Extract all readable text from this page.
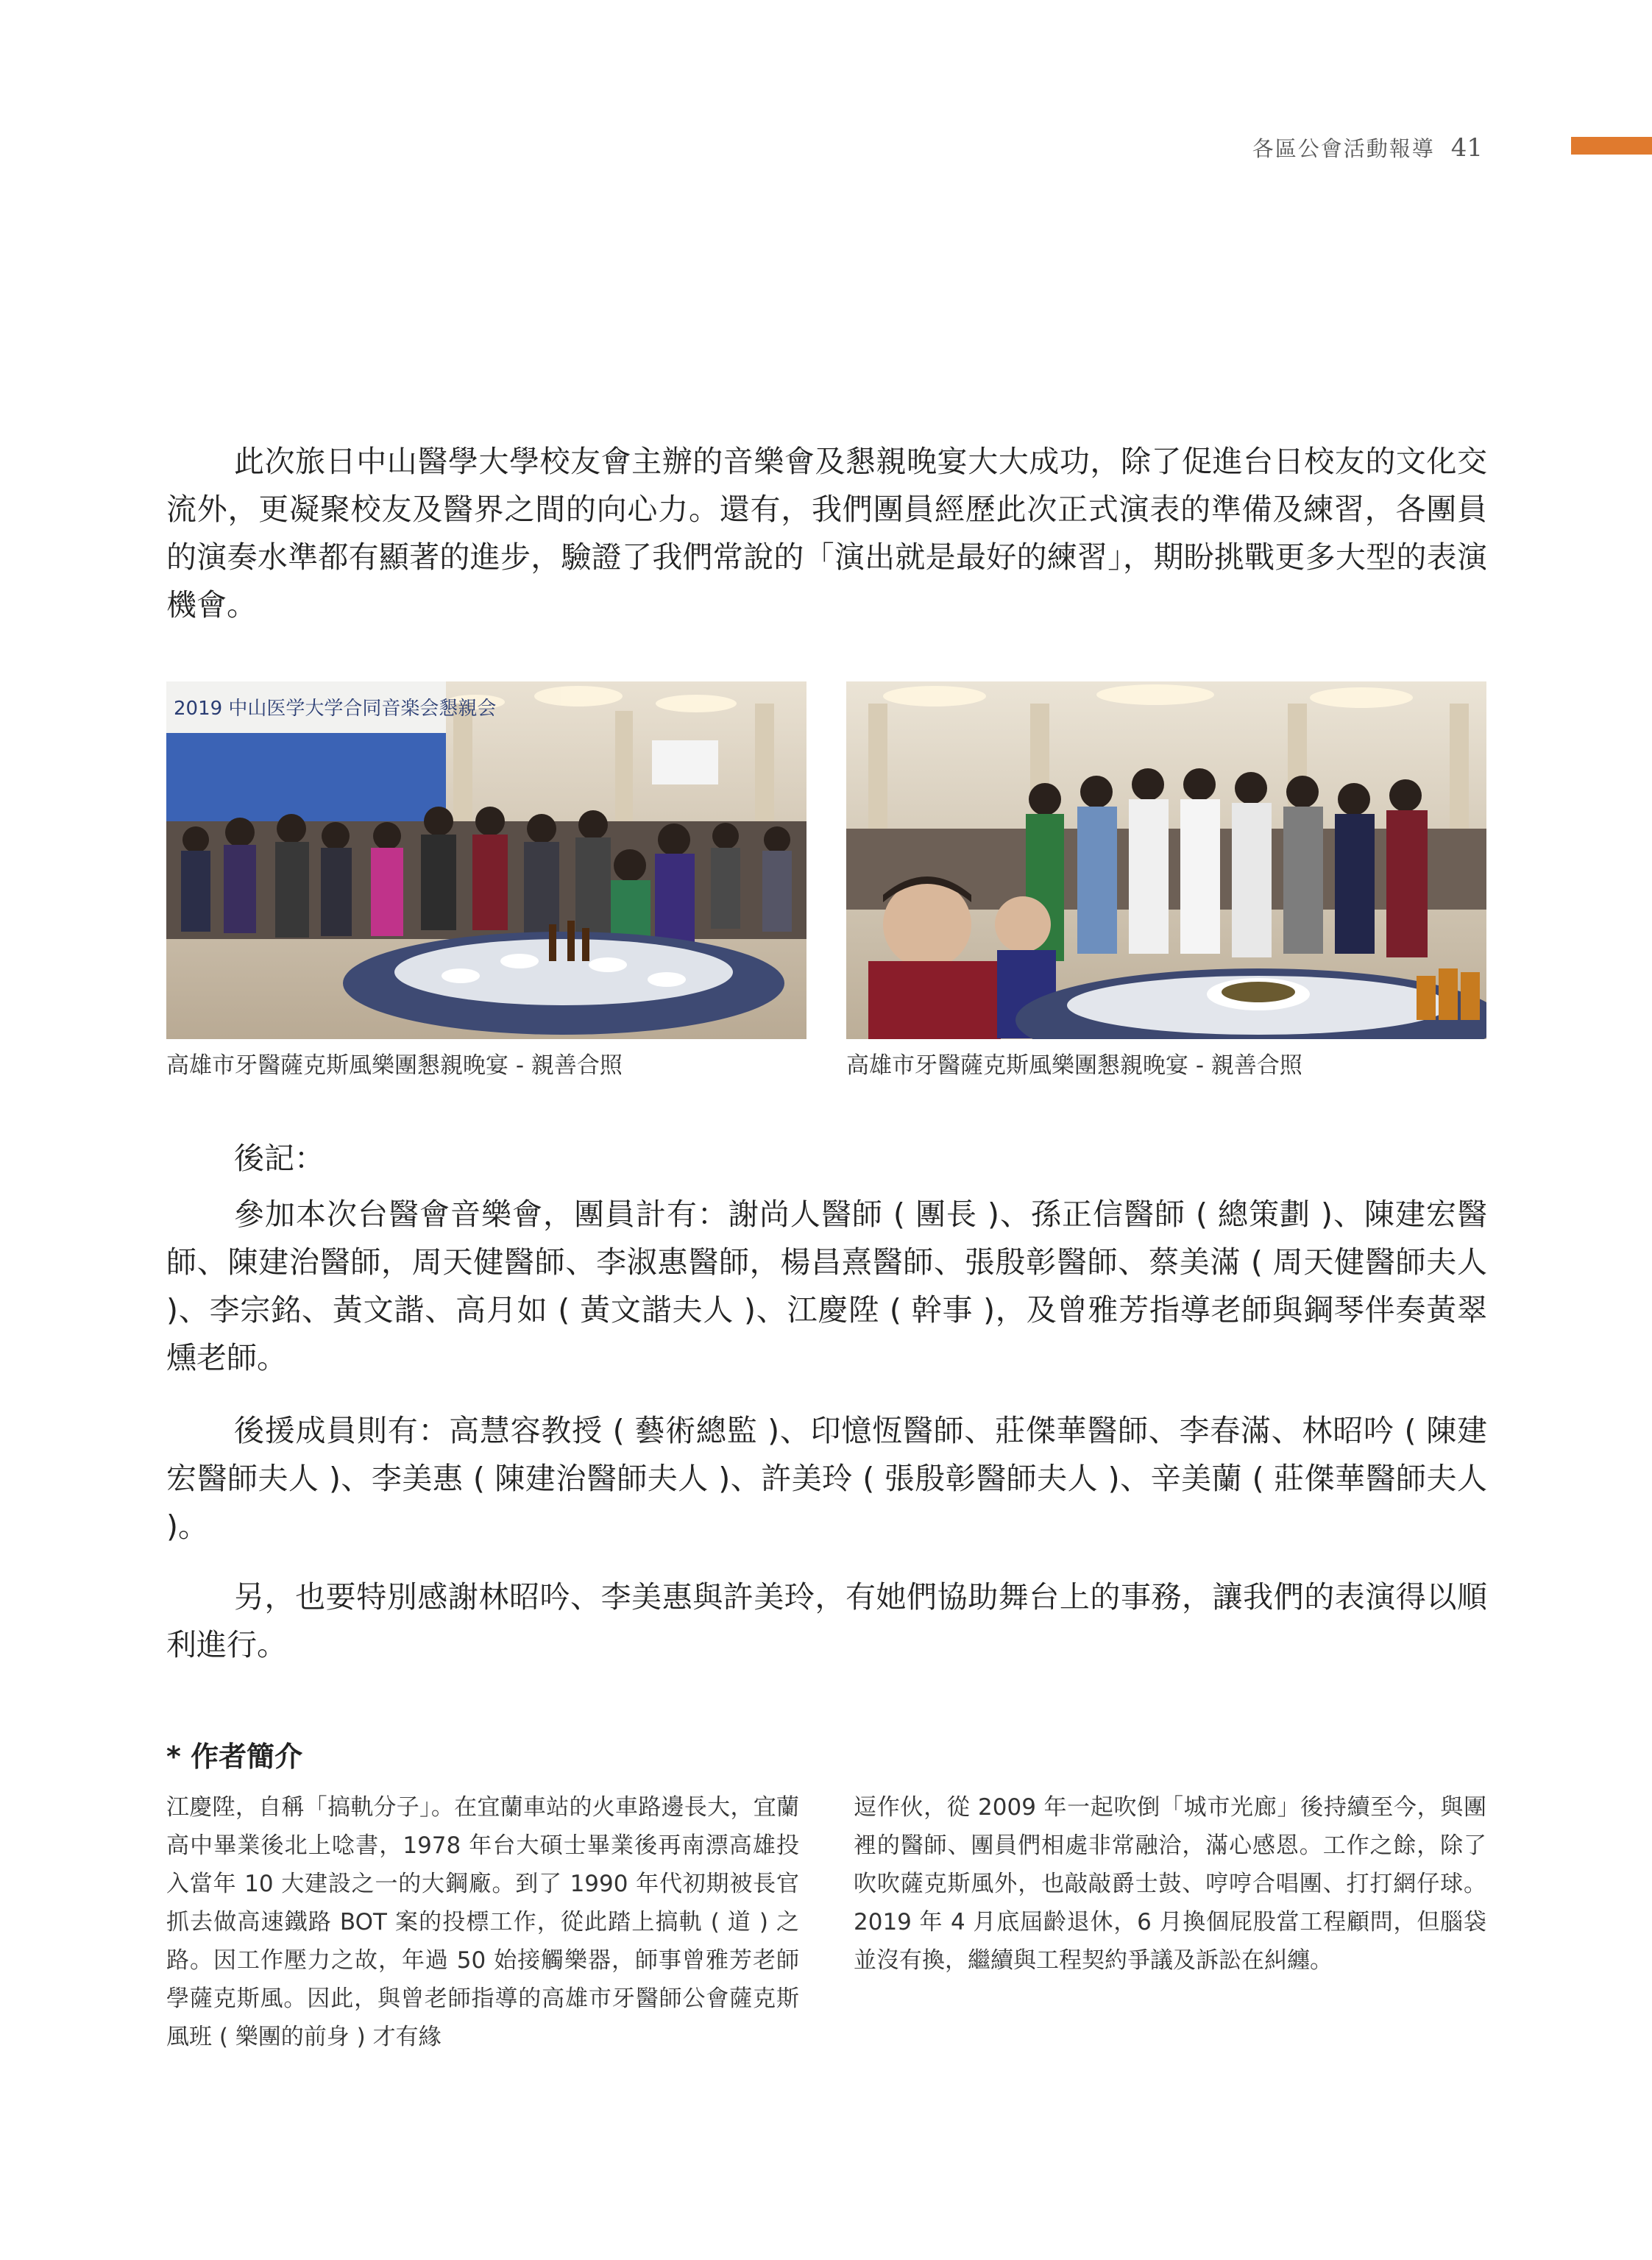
各區公會活動報導 41

此次旅日中山醫學大學校友會主辦的音樂會及懇親晚宴大大成功，除了促進台日校友的文化交流外，更凝聚校友及醫界之間的向心力。還有，我們團員經歷此次正式演表的準備及練習，各團員的演奏水準都有顯著的進步，驗證了我們常說的「演出就是最好的練習」，期盼挑戰更多大型的表演機會。

2019 中山医学大学合同音楽会懇親会
高雄市牙醫薩克斯風樂團懇親晚宴 - 親善合照	高雄市牙醫薩克斯風樂團懇親晚宴 - 親善合照
後記：

參加本次台醫會音樂會，團員計有：謝尚人醫師 ( 團長 )、孫正信醫師 ( 總策劃 )、陳建宏醫師、陳建治醫師，周天健醫師、李淑惠醫師，楊昌熹醫師、張殷彰醫師、蔡美滿 ( 周天健醫師夫人 )、李宗銘、黃文諧、高月如 ( 黃文諧夫人 )、江慶陞 ( 幹事 )，及曾雅芳指導老師與鋼琴伴奏黃翠燻老師。

後援成員則有：高慧容教授 ( 藝術總監 )、印憶恆醫師、莊傑華醫師、李春滿、林昭吟 ( 陳建宏醫師夫人 )、李美惠 ( 陳建治醫師夫人 )、許美玲 ( 張殷彰醫師夫人 )、辛美蘭 ( 莊傑華醫師夫人 )。

另，也要特別感謝林昭吟、李美惠與許美玲，有她們協助舞台上的事務，讓我們的表演得以順利進行。

* 作者簡介

江慶陞，自稱「搞軌分子」。在宜蘭車站的火車路邊長大，宜蘭高中畢業後北上唸書，1978 年台大碩士畢業後再南漂高雄投入當年 10 大建設之一的大鋼廠。到了 1990 年代初期被長官抓去做高速鐵路 BOT 案的投標工作，從此踏上搞軌 ( 道 ) 之路。因工作壓力之故，年過 50 始接觸樂器，師事曾雅芳老師學薩克斯風。因此，與曾老師指導的高雄市牙醫師公會薩克斯風班 ( 樂團的前身 ) 才有緣

逗作伙，從 2009 年一起吹倒「城市光廊」後持續至今，與團裡的醫師、團員們相處非常融洽，滿心感恩。工作之餘，除了吹吹薩克斯風外，也敲敲爵士鼓、哼哼合唱團、打打網仔球。2019 年 4 月底屆齡退休，6 月換個屁股當工程顧問，但腦袋並沒有換，繼續與工程契約爭議及訴訟在糾纏。
